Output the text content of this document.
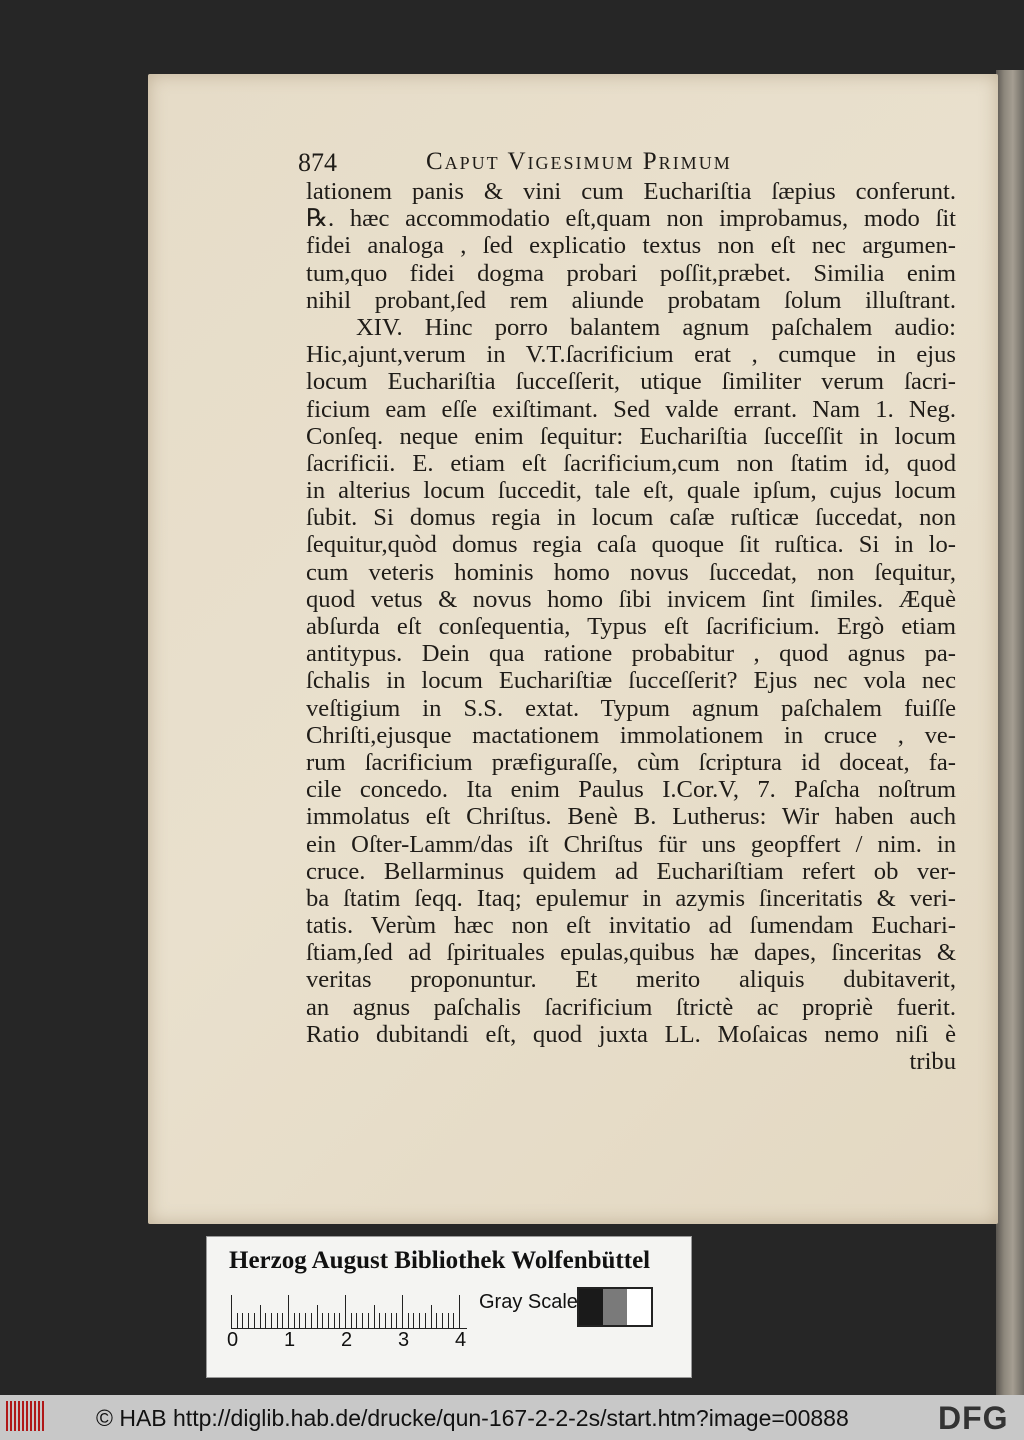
874	Caput Vigesimum Primum
lationem panis & vini cum Euchariſtia ſæpius conferunt.
℞. hæc accommodatio eſt,quam non improbamus, modo ſit
fidei analoga , ſed explicatio textus non eſt nec argumen-
tum,quo fidei dogma probari poſſit,præbet. Similia enim
nihil probant,ſed rem aliunde probatam ſolum illuſtrant.
XIV. Hinc porro balantem agnum paſchalem audio:
Hic,ajunt,verum in V.T.ſacrificium erat , cumque in ejus
locum Euchariſtia ſucceſſerit, utique ſimiliter verum ſacri-
ficium eam eſſe exiſtimant. Sed valde errant. Nam 1. Neg.
Conſeq. neque enim ſequitur: Euchariſtia ſucceſſit in locum
ſacrificii. E. etiam eſt ſacrificium,cum non ſtatim id, quod
in alterius locum ſuccedit, tale eſt, quale ipſum, cujus locum
ſubit. Si domus regia in locum caſæ ruſticæ ſuccedat, non
ſequitur,quòd domus regia caſa quoque ſit ruſtica. Si in lo-
cum veteris hominis homo novus ſuccedat, non ſequitur,
quod vetus & novus homo ſibi invicem ſint ſimiles. Æquè
abſurda eſt conſequentia, Typus eſt ſacrificium. Ergò etiam
antitypus. Dein qua ratione probabitur , quod agnus pa-
ſchalis in locum Euchariſtiæ ſucceſſerit? Ejus nec vola nec
veſtigium in S.S. extat. Typum agnum paſchalem fuiſſe
Chriſti,ejusque mactationem immolationem in cruce , ve-
rum ſacrificium præfiguraſſe, cùm ſcriptura id doceat, fa-
cile concedo. Ita enim Paulus I.Cor.V, 7. Paſcha noſtrum
immolatus eſt Chriſtus. Benè B. Lutherus: Wir haben auch
ein Oſter-Lamm/das iſt Chriſtus für uns geopffert / nim. in
cruce. Bellarminus quidem ad Euchariſtiam refert ob ver-
ba ſtatim ſeqq. Itaq; epulemur in azymis ſinceritatis & veri-
tatis. Verùm hæc non eſt invitatio ad ſumendam Euchari-
ſtiam,ſed ad ſpirituales epulas,quibus hæ dapes, ſinceritas &
veritas proponuntur. Et merito aliquis dubitaverit,
an agnus paſchalis ſacrificium ſtrictè ac propriè fuerit.
Ratio dubitandi eſt, quod juxta LL. Moſaicas nemo niſi è
tribu
Herzog August Bibliothek Wolfenbüttel
0 1 2 3 4
Gray Scale
© HAB http://diglib.hab.de/drucke/qun-167-2-2-2s/start.htm?image=00888	DFG
